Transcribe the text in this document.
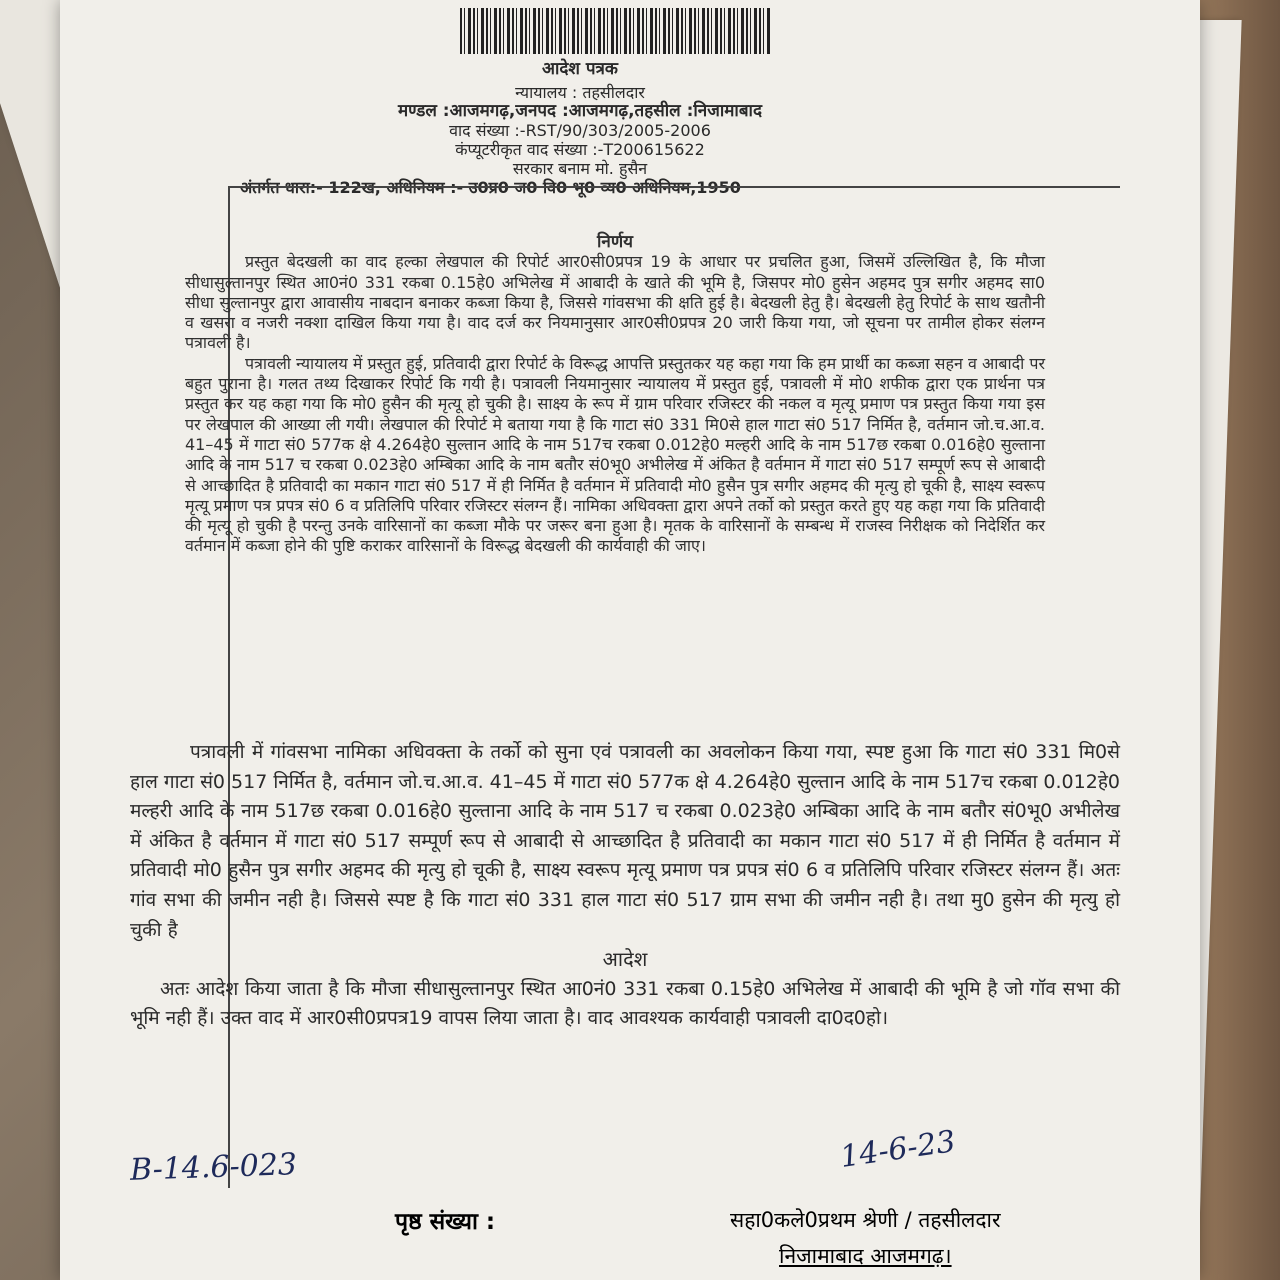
आदेश पत्रक
न्यायालय : तहसीलदार
मण्डल :आजमगढ़,जनपद :आजमगढ़,तहसील :निजामाबाद
वाद संख्या :-RST/90/303/2005-2006
कंप्यूटरीकृत वाद संख्या :-T200615622
सरकार बनाम मो. हुसैन
अंतर्गत धारा:- 122ख, अधिनियम :- उ0प्र0 ज0 वि0 भू0 व्य0 अधिनियम,1950
निर्णय

प्रस्तुत बेदखली का वाद हल्का लेखपाल की रिपोर्ट आर0सी0प्रपत्र 19 के आधार पर प्रचलित हुआ, जिसमें उल्लिखित है, कि मौजा सीधासुल्तानपुर स्थित आ0नं0 331 रकबा 0.15हे0 अभिलेख में आबादी के खाते की भूमि है, जिसपर मो0 हुसेन अहमद पुत्र सगीर अहमद सा0 सीधा सुल्तानपुर द्वारा आवासीय नाबदान बनाकर कब्जा किया है, जिससे गांवसभा की क्षति हुई है। बेदखली हेतु है। बेदखली हेतु रिपोर्ट के साथ खतौनी व खसरा व नजरी नक्शा दाखिल किया गया है। वाद दर्ज कर नियमानुसार आर0सी0प्रपत्र 20 जारी किया गया, जो सूचना पर तामील होकर संलग्न पत्रावली है।

पत्रावली न्यायालय में प्रस्तुत हुई, प्रतिवादी द्वारा रिपोर्ट के विरूद्ध आपत्ति प्रस्तुतकर यह कहा गया कि हम प्रार्थी का कब्जा सहन व आबादी पर बहुत पुराना है। गलत तथ्य दिखाकर रिपोर्ट कि गयी है। पत्रावली नियमानुसार न्यायालय में प्रस्तुत हुई, पत्रावली में मो0 शफीक द्वारा एक प्रार्थना पत्र प्रस्तुत कर यह कहा गया कि मो0 हुसैन की मृत्यू हो चुकी है। साक्ष्य के रूप में ग्राम परिवार रजिस्टर की नकल व मृत्यू प्रमाण पत्र प्रस्तुत किया गया इस पर लेखपाल की आख्या ली गयी। लेखपाल की रिपोर्ट मे बताया गया है कि गाटा सं0 331 मि0से हाल गाटा सं0 517 निर्मित है, वर्तमान जो.च.आ.व. 41–45 में गाटा सं0 577क क्षे 4.264हे0 सुल्तान आदि के नाम 517च रकबा 0.012हे0 मल्हरी आदि के नाम 517छ रकबा 0.016हे0 सुल्ताना आदि के नाम 517 च रकबा 0.023हे0 अम्बिका आदि के नाम बतौर सं0भू0 अभीलेख में अंकित है वर्तमान में गाटा सं0 517 सम्पूर्ण रूप से आबादी से आच्छादित है प्रतिवादी का मकान गाटा सं0 517 में ही निर्मित है वर्तमान में प्रतिवादी मो0 हुसैन पुत्र सगीर अहमद की मृत्यु हो चूकी है, साक्ष्य स्वरूप मृत्यू प्रमाण पत्र प्रपत्र सं0 6 व प्रतिलिपि परिवार रजिस्टर संलग्न हैं। नामिका अधिवक्ता द्वारा अपने तर्को को प्रस्तुत करते हुए यह कहा गया कि प्रतिवादी की मृत्यू हो चुकी है परन्तु उनके वारिसानों का कब्जा मौके पर जरूर बना हुआ है। मृतक के वारिसानों के सम्बन्ध में राजस्व निरीक्षक को निदेर्शित कर वर्तमान में कब्जा होने की पुष्टि कराकर वारिसानों के विरूद्ध बेदखली की कार्यवाही की जाए।

पत्रावली में गांवसभा नामिका अधिवक्ता के तर्को को सुना एवं पत्रावली का अवलोकन किया गया, स्पष्ट हुआ कि गाटा सं0 331 मि0से हाल गाटा सं0 517 निर्मित है, वर्तमान जो.च.आ.व. 41–45 में गाटा सं0 577क क्षे 4.264हे0 सुल्तान आदि के नाम 517च रकबा 0.012हे0 मल्हरी आदि के नाम 517छ रकबा 0.016हे0 सुल्ताना आदि के नाम 517 च रकबा 0.023हे0 अम्बिका आदि के नाम बतौर सं0भू0 अभीलेख में अंकित है वर्तमान में गाटा सं0 517 सम्पूर्ण रूप से आबादी से आच्छादित है प्रतिवादी का मकान गाटा सं0 517 में ही निर्मित है वर्तमान में प्रतिवादी मो0 हुसैन पुत्र सगीर अहमद की मृत्यु हो चूकी है, साक्ष्य स्वरूप मृत्यू प्रमाण पत्र प्रपत्र सं0 6 व प्रतिलिपि परिवार रजिस्टर संलग्न हैं। अतः गांव सभा की जमीन नही है। जिससे स्पष्ट है कि गाटा सं0 331 हाल गाटा सं0 517 ग्राम सभा की जमीन नही है। तथा मु0 हुसेन की मृत्यु हो चुकी है

आदेश

अतः आदेश किया जाता है कि मौजा सीधासुल्तानपुर स्थित आ0नं0 331 रकबा 0.15हे0 अभिलेख में आबादी की भूमि है जो गॉव सभा की भूमि नही हैं। उक्त वाद में आर0सी0प्रपत्र19 वापस लिया जाता है। वाद आवश्यक कार्यवाही पत्रावली दा0द0हो।

B-14.6-023	14-6-23
पृष्ठ संख्या :	सहा0कले0प्रथम श्रेणी / तहसीलदार
निजामाबाद आजमगढ़।
